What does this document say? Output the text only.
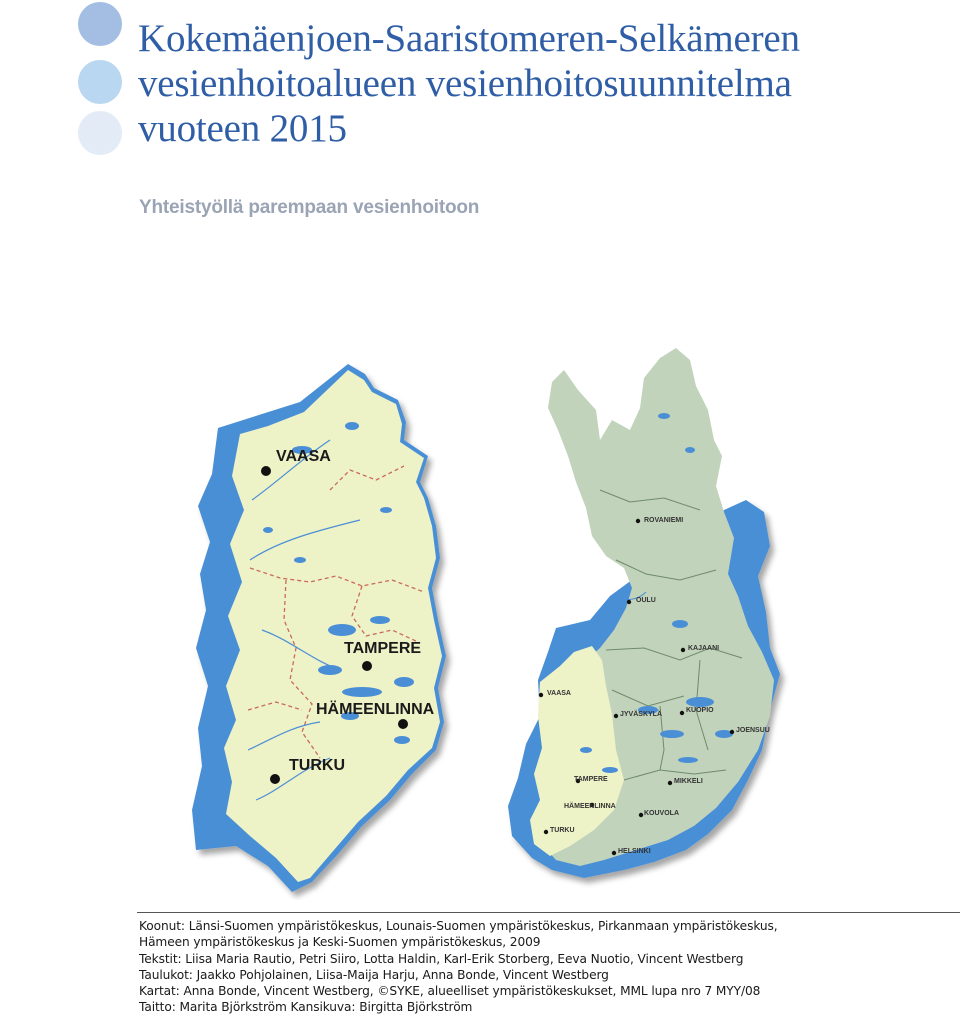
Kokemäenjoen-Saaristomeren-Selkämeren
vesienhoitoalueen vesienhoitosuunnitelma
vuoteen 2015
Yhteistyöllä parempaan vesienhoitoon
VAASA
TAMPERE
HÄMEENLINNA
TURKU
ROVANIEMI
OULU
KAJAANI
VAASA
KUOPIO
JOENSUU
JYVÄSKYLÄ
TAMPERE	MIKKELI
HÄMEENLINNA
KOUVOLA
TURKU
HELSINKI
Koonut: Länsi-Suomen ympäristökeskus, Lounais-Suomen ympäristökeskus, Pirkanmaan ympäristökeskus,
Hämeen ympäristökeskus ja Keski-Suomen ympäristökeskus, 2009
Tekstit: Liisa Maria Rautio, Petri Siiro, Lotta Haldin, Karl-Erik Storberg, Eeva Nuotio, Vincent Westberg
Taulukot: Jaakko Pohjolainen, Liisa-Maija Harju, Anna Bonde, Vincent Westberg
Kartat: Anna Bonde, Vincent Westberg, ©SYKE, alueelliset ympäristökeskukset, MML lupa nro 7 MYY/08
Taitto: Marita Björkström Kansikuva: Birgitta Björkström
